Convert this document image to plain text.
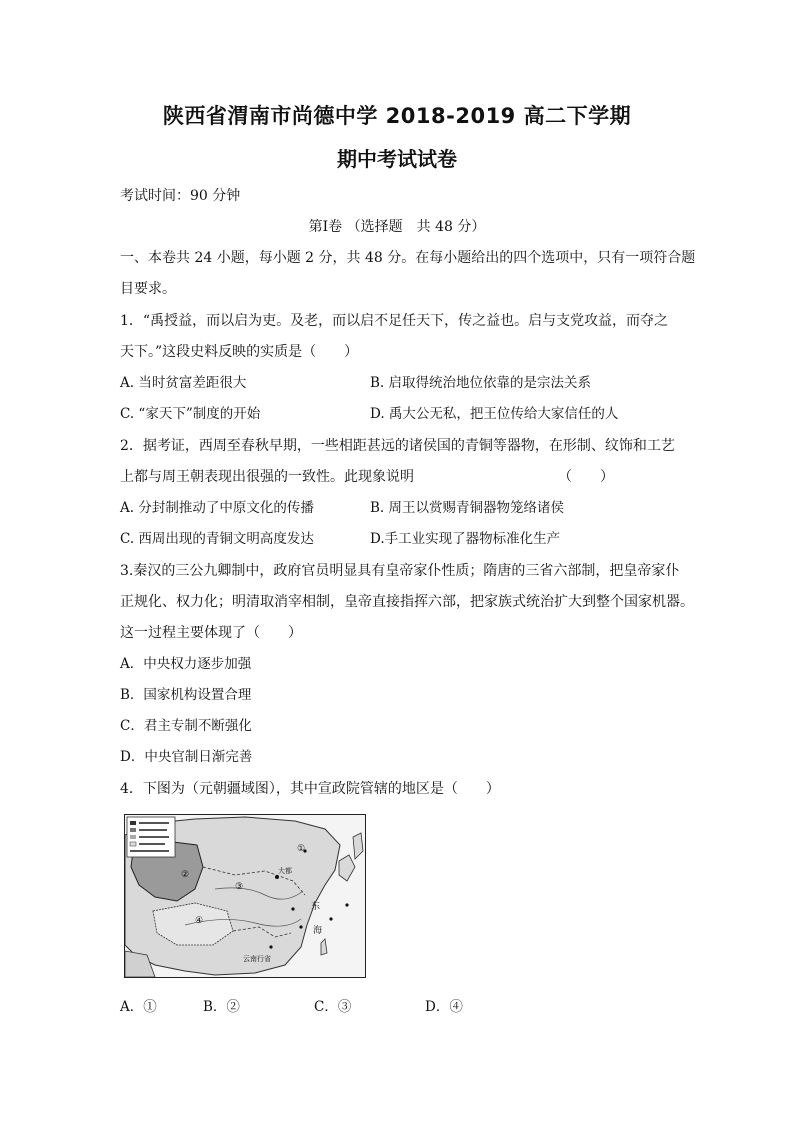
陕西省渭南市尚德中学 2018-2019 高二下学期
期中考试试卷
考试时间：90 分钟
第Ⅰ卷 （选择题　共 48 分）
一、本卷共 24 小题，每小题 2 分，共 48 分。在每小题给出的四个选项中，只有一项符合题
目要求。
1．“禹授益，而以启为吏。及老，而以启不足任天下，传之益也。启与支党攻益，而夺之
天下。”这段史料反映的实质是（　　）
A. 当时贫富差距很大	B. 启取得统治地位依靠的是宗法关系
C. “家天下”制度的开始	D. 禹大公无私，把王位传给大家信任的人
2．据考证，西周至春秋早期，一些相距甚远的诸侯国的青铜等器物，在形制、纹饰和工艺
上都与周王朝表现出很强的一致性。此现象说明	（　　）
A. 分封制推动了中原文化的传播	B. 周王以赏赐青铜器物笼络诸侯
C. 西周出现的青铜文明高度发达	D.手工业实现了器物标准化生产
3.秦汉的三公九卿制中，政府官员明显具有皇帝家仆性质；隋唐的三省六部制，把皇帝家仆
正规化、权力化；明清取消宰相制，皇帝直接指挥六部，把家族式统治扩大到整个国家机器。
这一过程主要体现了（　　）
A．中央权力逐步加强
B．国家机构设置合理
C．君主专制不断强化
D．中央官制日渐完善
4．下图为（元朝疆域图），其中宣政院管辖的地区是（　　）
①
②
③
④
大都
东
海
云南行省
A．①	B．②	C．③	D．④
